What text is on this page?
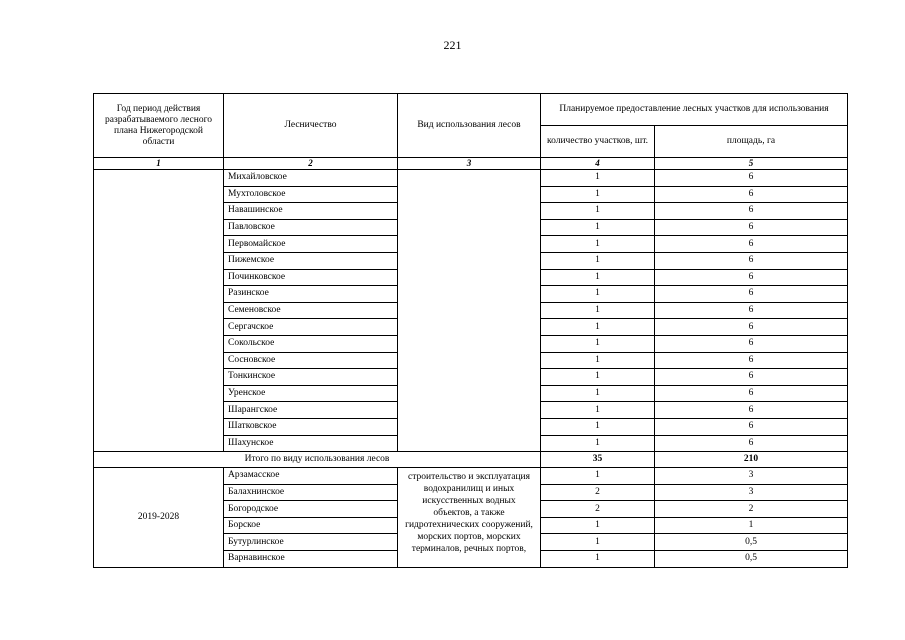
221
Год период действия разрабатываемого лесного плана Нижегородской области	Лесничество	Вид использования лесов	Планируемое предоставление лесных участков для использования	
			количество участков, шт.	площадь, га
1	2	3	4	5
	Михайловское		1	6
	Мухтоловское		1	6
	Навашинское		1	6
	Павловское		1	6
	Первомайское		1	6
	Пижемское		1	6
	Починковское		1	6
	Разинское		1	6
	Семеновское		1	6
	Сергачское		1	6
	Сокольское		1	6
	Сосновское		1	6
	Тонкинское		1	6
	Уренское		1	6
	Шарангское		1	6
	Шатковское		1	6
	Шахунское		1	6
Итого по виду использования лесов			35	210
2019-2028	Арзамасское	строительство и эксплуатация водохранилищ и иных искусственных водных объектов, а также гидротехнических сооружений, морских портов, морских терминалов, речных портов,	1	3
	Балахнинское		2	3
	Богородское		2	2
	Борское		1	1
	Бутурлинское		1	0,5
	Варнавинское		1	0,5
